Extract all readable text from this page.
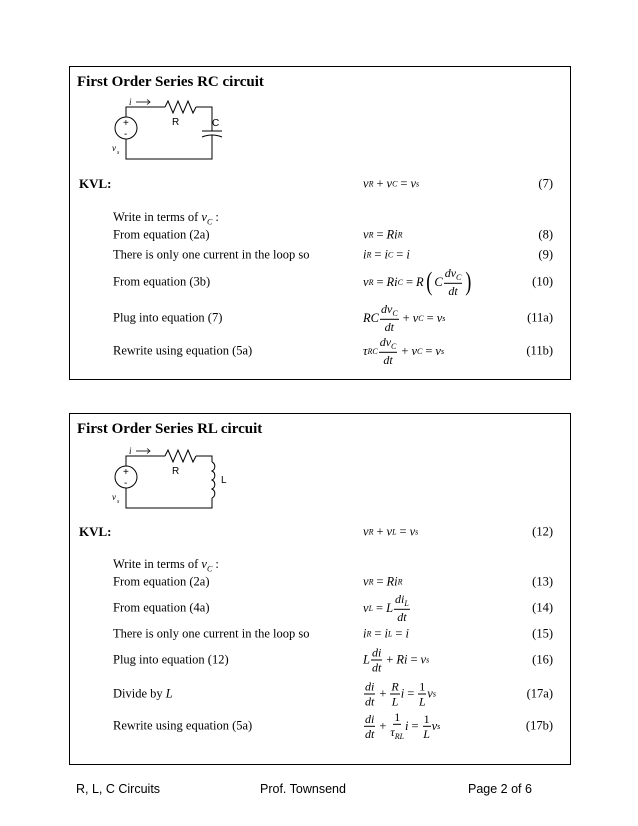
First Order Series RC circuit
i
R	C
+
-
v s
KVL:	v R + v C = v s	(7)
Write in terms of $v_C$ :
From equation (2a)	v R = Ri R	(8)
There is only one current in the loop so	i R = i C = i	(9)
From equation (3b)	v R = Ri C = R ( C $\frac{dv_C}{dt}$ )	(10)
Plug into equation (7)	RC $\frac{dv_C}{dt} + v$ C = v s	(11a)
Rewrite using equation (5a)	τ RC $\frac{dv_C}{dt} + v$ C = v s	(11b)
First Order Series RL circuit
i
R
L
+
-
v s
KVL:	v R + v L = v s	(12)
Write in terms of $v_C$ :
From equation (2a)	v R = Ri R	(13)
From equation (4a)	v L = L $\frac{di_L}{dt}$	(14)
There is only one current in the loop so	i R = i L = i	(15)
Plug into equation (12)	L $\frac{di}{dt} + Ri = v$ s	(16)
Divide by L	$\frac{di}{dt} + \frac{R}{L}$ $i = \frac{1}{L}$ v s	(17a)
Rewrite using equation (5a)	$\frac{di}{dt} + \frac{1}{\tau_{RL}}$ $i = \frac{1}{L}$ v s	(17b)
R, L, C Circuits	Prof. Townsend	Page 2 of 6
